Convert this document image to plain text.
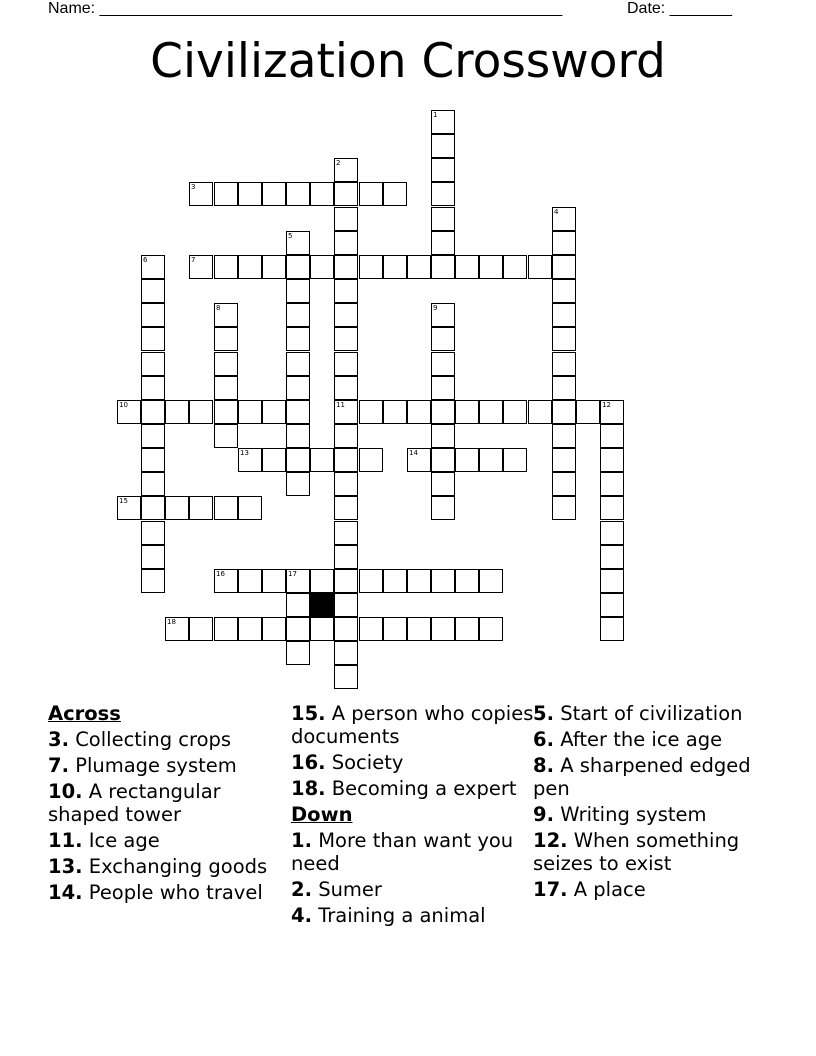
Name: ____________________________________________________	Date: _______
Civilization Crossword
1
2
11
3
4
5
6	7
8	9
10	12
13	14
15
16	17
18
Across
3. Collecting crops
7. Plumage system
10. A rectangular shaped tower
11. Ice age
13. Exchanging goods
14. People who travel
15. A person who copies documents
16. Society
18. Becoming a expert
Down
1. More than want you need
2. Sumer
4. Training a animal
5. Start of civilization
6. After the ice age
8. A sharpened edged pen
9. Writing system
12. When something seizes to exist
17. A place
